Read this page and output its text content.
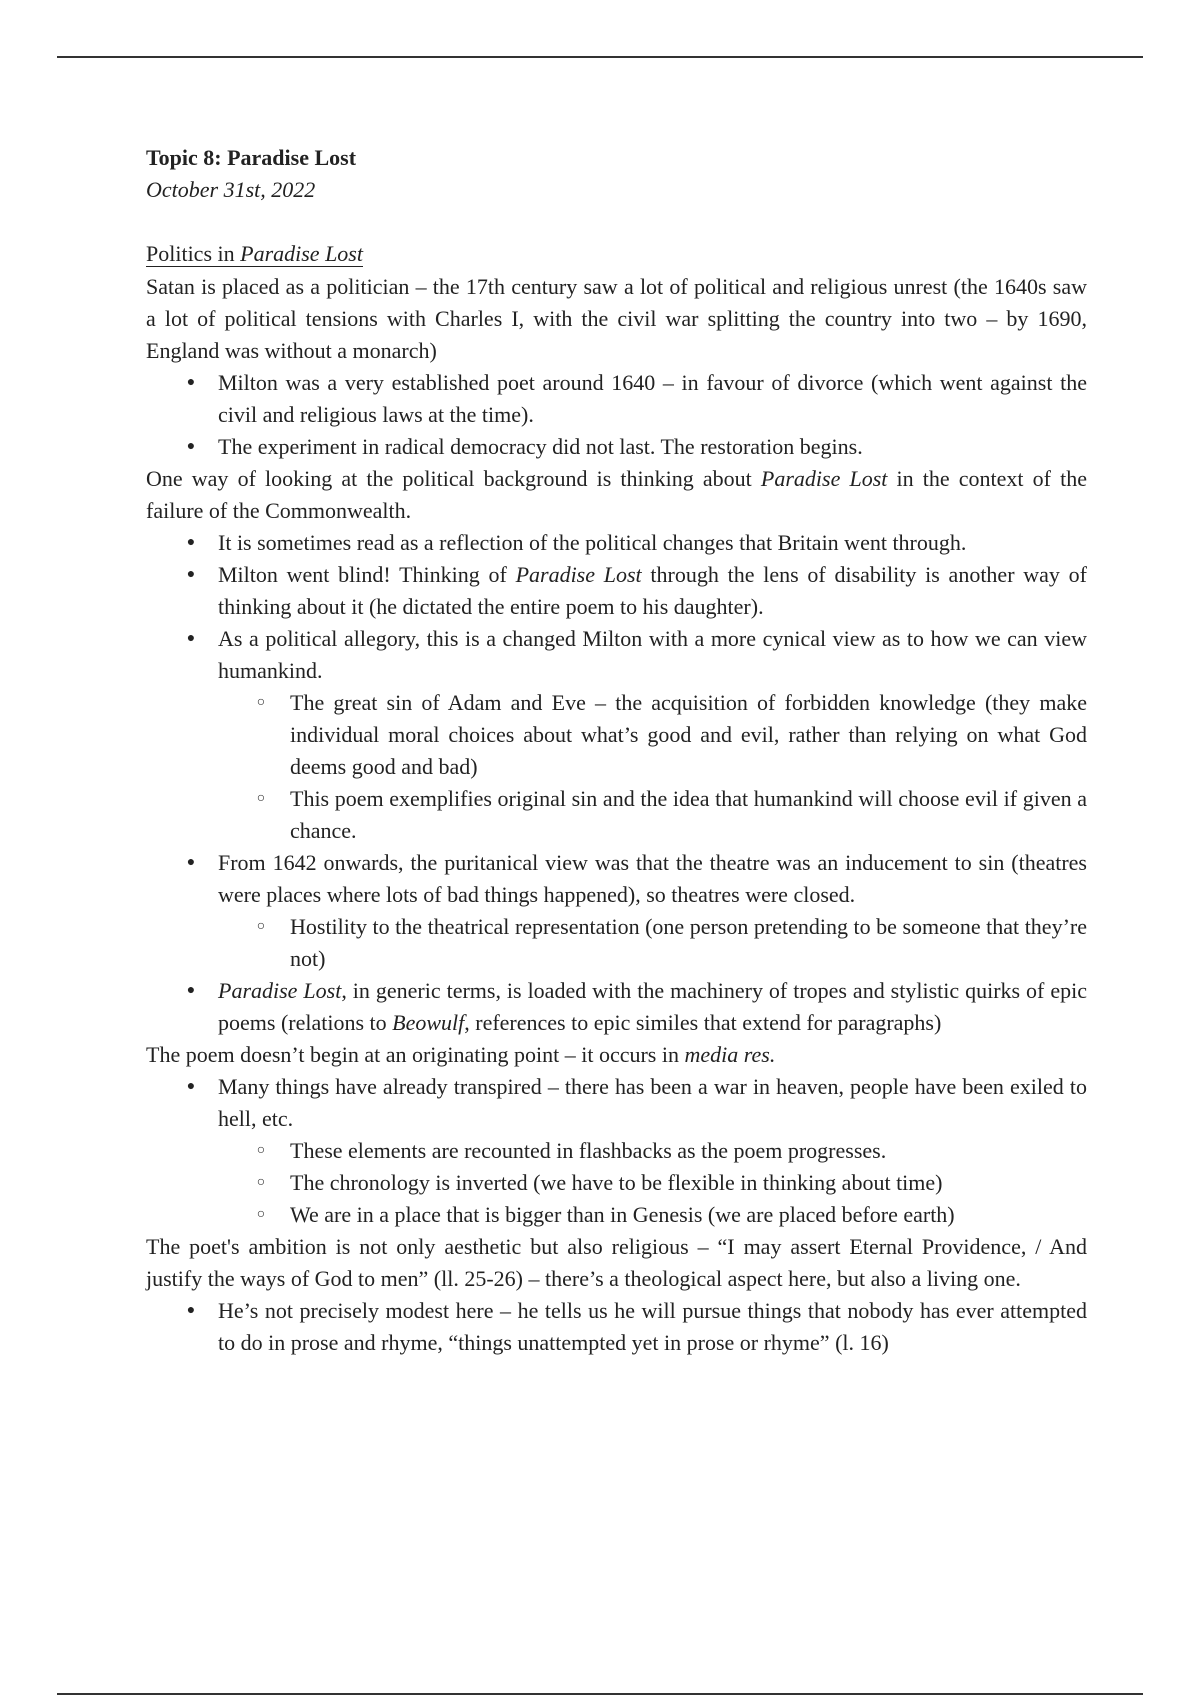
Topic 8: Paradise Lost

October 31st, 2022

Politics in Paradise Lost

Satan is placed as a politician – the 17th century saw a lot of political and religious unrest (the 1640s saw a lot of political tensions with Charles I, with the civil war splitting the country into two – by 1690, England was without a monarch)

● Milton was a very established poet around 1640 – in favour of divorce (which went against the civil and religious laws at the time).
● The experiment in radical democracy did not last. The restoration begins.

One way of looking at the political background is thinking about Paradise Lost in the context of the failure of the Commonwealth.

● It is sometimes read as a reflection of the political changes that Britain went through.
● Milton went blind! Thinking of Paradise Lost through the lens of disability is another way of thinking about it (he dictated the entire poem to his daughter).
● As a political allegory, this is a changed Milton with a more cynical view as to how we can view humankind.
○ The great sin of Adam and Eve – the acquisition of forbidden knowledge (they make individual moral choices about what’s good and evil, rather than relying on what God deems good and bad)
○ This poem exemplifies original sin and the idea that humankind will choose evil if given a chance.
● From 1642 onwards, the puritanical view was that the theatre was an inducement to sin (theatres were places where lots of bad things happened), so theatres were closed.
○ Hostility to the theatrical representation (one person pretending to be someone that they’re not)
● Paradise Lost, in generic terms, is loaded with the machinery of tropes and stylistic quirks of epic poems (relations to Beowulf, references to epic similes that extend for paragraphs)

The poem doesn’t begin at an originating point – it occurs in media res.

● Many things have already transpired – there has been a war in heaven, people have been exiled to hell, etc.
○ These elements are recounted in flashbacks as the poem progresses.
○ The chronology is inverted (we have to be flexible in thinking about time)
○ We are in a place that is bigger than in Genesis (we are placed before earth)

The poet's ambition is not only aesthetic but also religious – “I may assert Eternal Providence, / And justify the ways of God to men” (ll. 25-26) – there’s a theological aspect here, but also a living one.

● He’s not precisely modest here – he tells us he will pursue things that nobody has ever attempted to do in prose and rhyme, “things unattempted yet in prose or rhyme” (l. 16)
